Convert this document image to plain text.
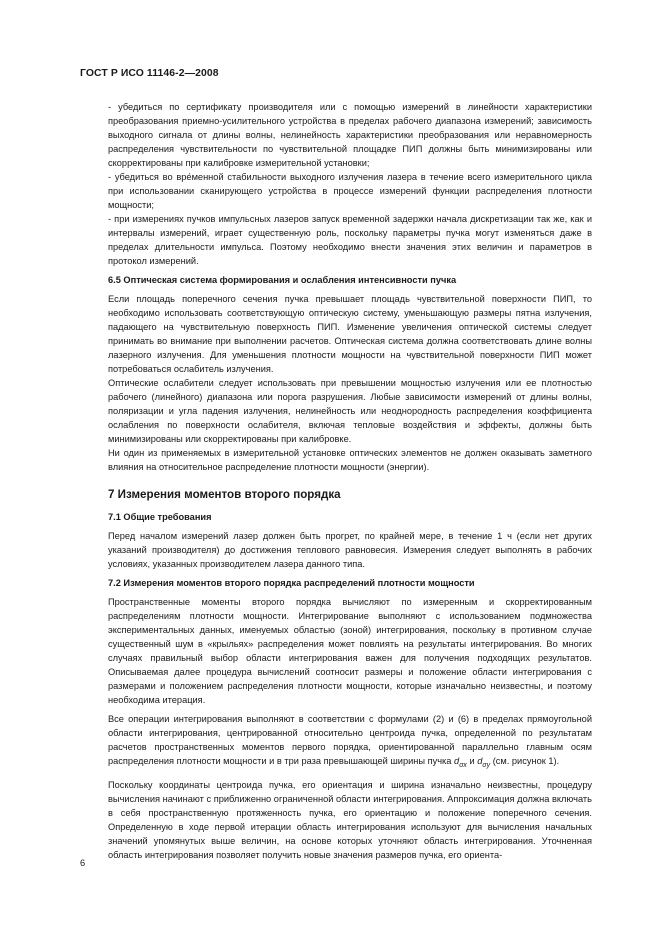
ГОСТ Р ИСО 11146-2—2008

- убедиться по сертификату производителя или с помощью измерений в линейности характеристики преобразования приемно-усилительного устройства в пределах рабочего диапазона измерений; зависимость выходного сигнала от длины волны, нелинейность характеристики преобразования или неравномерность распределения чувствительности по чувствительной площадке ПИП должны быть минимизированы или скорректированы при калибровке измерительной установки;

- убедиться во вре́менной стабильности выходного излучения лазера в течение всего измерительного цикла при использовании сканирующего устройства в процессе измерений функции распределения плотности мощности;

- при измерениях пучков импульсных лазеров запуск временной задержки начала дискретизации так же, как и интервалы измерений, играет существенную роль, поскольку параметры пучка могут изменяться даже в пределах длительности импульса. Поэтому необходимо внести значения этих величин и параметров в протокол измерений.

6.5 Оптическая система формирования и ослабления интенсивности пучка

Если площадь поперечного сечения пучка превышает площадь чувствительной поверхности ПИП, то необходимо использовать соответствующую оптическую систему, уменьшающую размеры пятна излучения, падающего на чувствительную поверхность ПИП. Изменение увеличения оптической системы следует принимать во внимание при выполнении расчетов. Оптическая система должна соответствовать длине волны лазерного излучения. Для уменьшения плотности мощности на чувствительной поверхности ПИП может потребоваться ослабитель излучения.

Оптические ослабители следует использовать при превышении мощностью излучения или ее плотностью рабочего (линейного) диапазона или порога разрушения. Любые зависимости измерений от длины волны, поляризации и угла падения излучения, нелинейность или неоднородность распределения коэффициента ослабления по поверхности ослабителя, включая тепловые воздействия и эффекты, должны быть минимизированы или скорректированы при калибровке.

Ни один из применяемых в измерительной установке оптических элементов не должен оказывать заметного влияния на относительное распределение плотности мощности (энергии).

7 Измерения моментов второго порядка

7.1 Общие требования

Перед началом измерений лазер должен быть прогрет, по крайней мере, в течение 1 ч (если нет других указаний производителя) до достижения теплового равновесия. Измерения следует выполнять в рабочих условиях, указанных производителем лазера данного типа.

7.2 Измерения моментов второго порядка распределений плотности мощности

Пространственные моменты второго порядка вычисляют по измеренным и скорректированным распределениям плотности мощности. Интегрирование выполняют с использованием подмножества экспериментальных данных, именуемых областью (зоной) интегрирования, поскольку в противном случае существенный шум в «крыльях» распределения может повлиять на результаты интегрирования. Во многих случаях правильный выбор области интегрирования важен для получения подходящих результатов. Описываемая далее процедура вычислений соотносит размеры и положение области интегрирования с размерами и положением распределения плотности мощности, которые изначально неизвестны, и поэтому необходима итерация.

Все операции интегрирования выполняют в соответствии с формулами (2) и (6) в пределах прямоугольной области интегрирования, центрированной относительно центроида пучка, определенной по результатам расчетов пространственных моментов первого порядка, ориентированной параллельно главным осям распределения плотности мощности и в три раза превышающей ширины пучка $d_{\sigma x}$ и $d_{\sigma y}$ (см. рисунок 1).

Поскольку координаты центроида пучка, его ориентация и ширина изначально неизвестны, процедуру вычисления начинают с приближенно ограниченной области интегрирования. Аппроксимация должна включать в себя пространственную протяженность пучка, его ориентацию и положение поперечного сечения. Определенную в ходе первой итерации область интегрирования используют для вычисления начальных значений упомянутых выше величин, на основе которых уточняют область интегрирования. Уточненная область интегрирования позволяет получить новые значения размеров пучка, его ориента-

6
